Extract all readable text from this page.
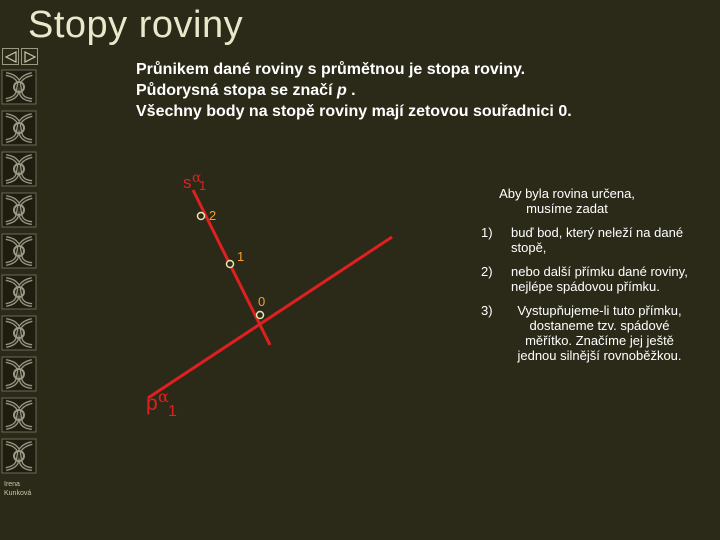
Stopy roviny
Irena
Kunková
Průnikem dané roviny s průmětnou je stopa roviny.
Půdorysná stopa se značí p .
Všechny body na stopě roviny mají zetovou souřadnici 0.
2
1
0
s α
1
p α
1
Aby byla rovina určena, musíme zadat
1)	buď bod, který neleží na dané stopě,
2)	nebo další přímku dané roviny, nejlépe spádovou přímku.
3)	Vystupňujeme-li tuto přímku, dostaneme tzv. spádové měřítko. Značíme jej ještě jednou silnější rovnoběžkou.
